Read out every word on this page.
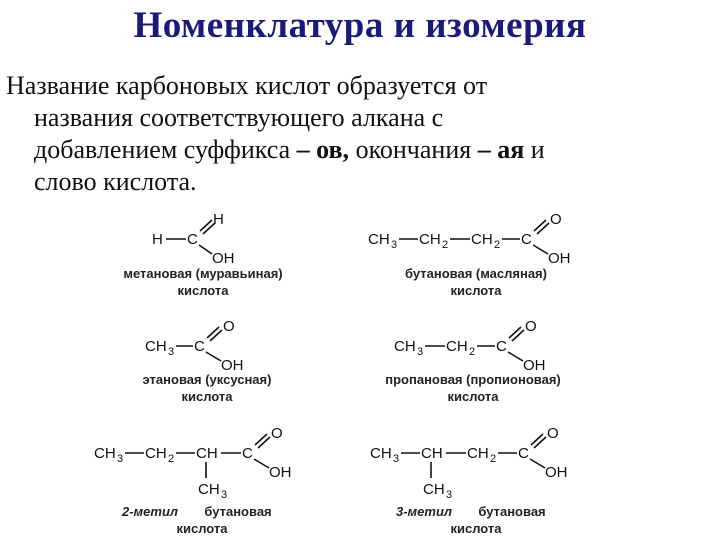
Номенклатура и изомерия
Название карбоновых кислот образуется от
названия соответствующего алкана с
добавлением суффикса – ов, окончания – ая и
слово кислота.
H C
H
OH
метановая (муравьиная)
кислота
CH 3 CH 2 CH 2 C
O
OH
бутановая (масляная)
кислота
CH 3 C
O
OH
этановая (уксусная)
кислота
CH 3 CH 2 C
O
OH
пропановая (пропионовая)
кислота
CH 3 CH 2 CH C
O
OH
CH 3
2-метил бутановая
кислота
CH 3 CH CH 2 C
O
OH
CH 3
3-метил бутановая
кислота
